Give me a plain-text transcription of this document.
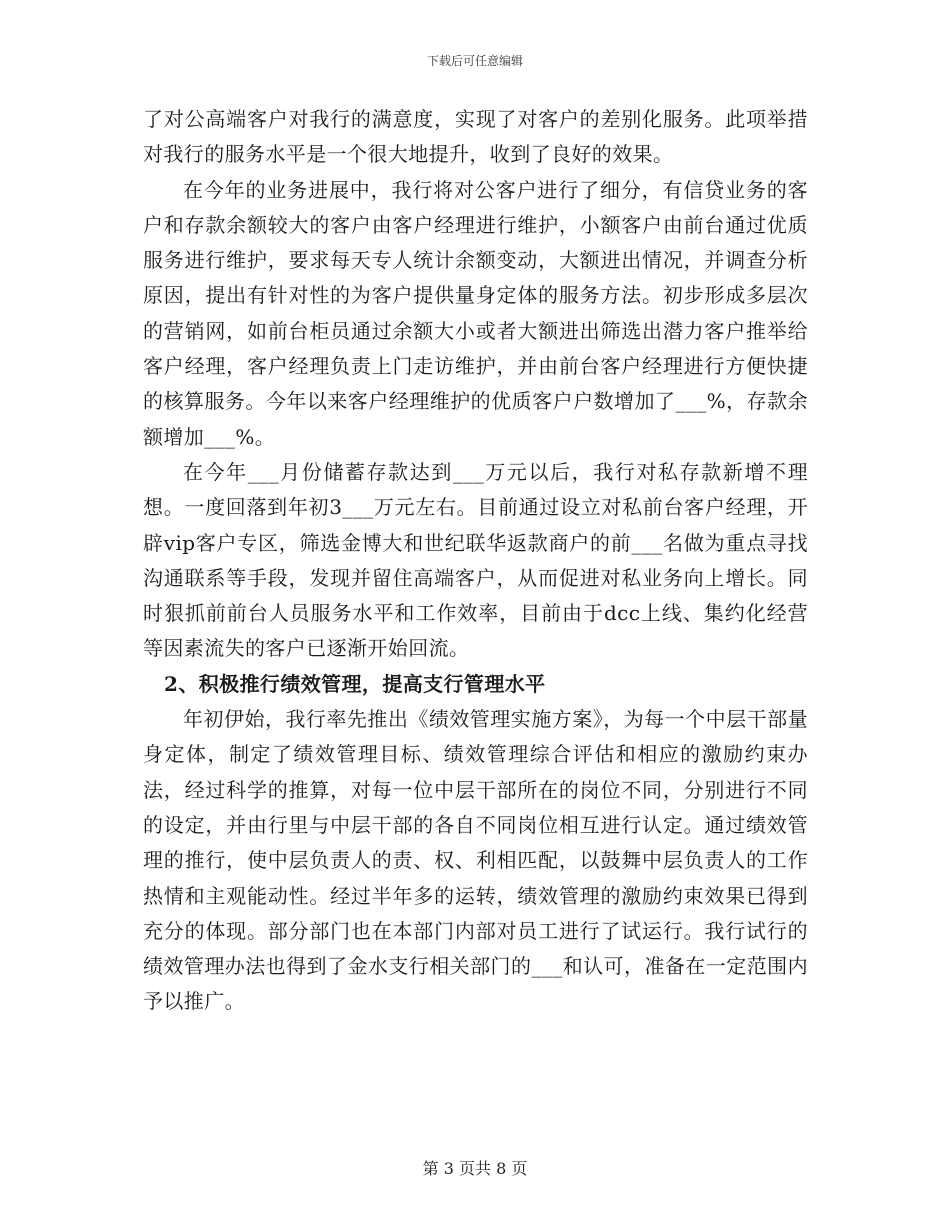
下载后可任意编辑

了对公高端客户对我行的满意度，实现了对客户的差别化服务。此项举措对我行的服务水平是一个很大地提升，收到了良好的效果。

在今年的业务进展中，我行将对公客户进行了细分，有信贷业务的客户和存款余额较大的客户由客户经理进行维护，小额客户由前台通过优质服务进行维护，要求每天专人统计余额变动，大额进出情况，并调查分析原因，提出有针对性的为客户提供量身定体的服务方法。初步形成多层次的营销网，如前台柜员通过余额大小或者大额进出筛选出潜力客户推举给客户经理，客户经理负责上门走访维护，并由前台客户经理进行方便快捷的核算服务。今年以来客户经理维护的优质客户户数增加了___%，存款余额增加___%。

在今年___月份储蓄存款达到___万元以后，我行对私存款新增不理想。一度回落到年初3___万元左右。目前通过设立对私前台客户经理，开辟vip客户专区，筛选金博大和世纪联华返款商户的前___名做为重点寻找沟通联系等手段，发现并留住高端客户，从而促进对私业务向上增长。同时狠抓前前台人员服务水平和工作效率，目前由于dcc上线、集约化经营等因素流失的客户已逐渐开始回流。

2、积极推行绩效管理，提高支行管理水平

年初伊始，我行率先推出《绩效管理实施方案》，为每一个中层干部量身定体，制定了绩效管理目标、绩效管理综合评估和相应的激励约束办法，经过科学的推算，对每一位中层干部所在的岗位不同，分别进行不同的设定，并由行里与中层干部的各自不同岗位相互进行认定。通过绩效管理的推行，使中层负责人的责、权、利相匹配，以鼓舞中层负责人的工作热情和主观能动性。经过半年多的运转，绩效管理的激励约束效果已得到充分的体现。部分部门也在本部门内部对员工进行了试运行。我行试行的绩效管理办法也得到了金水支行相关部门的___和认可，准备在一定范围内予以推广。

第 3 页共 8 页
